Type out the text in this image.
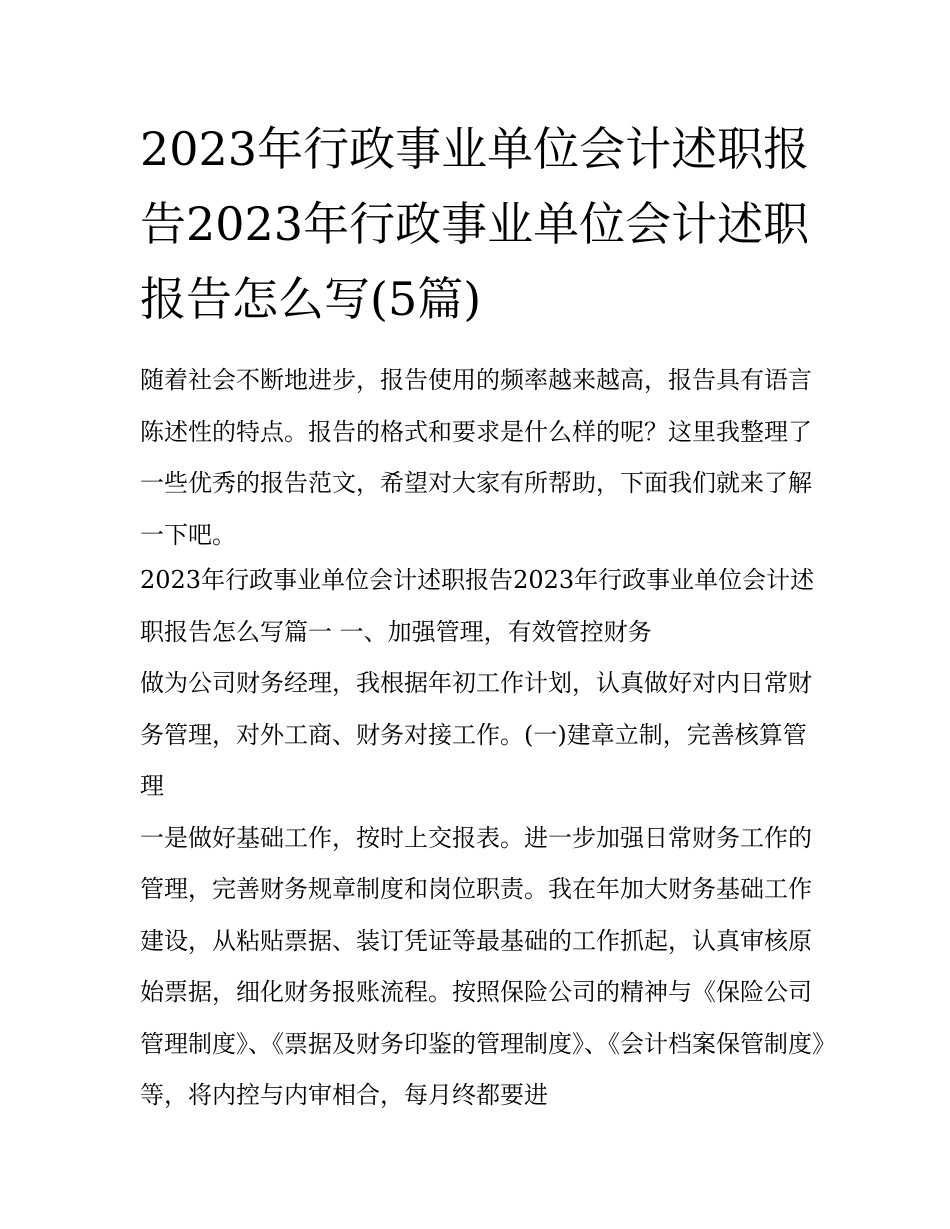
2023年行政事业单位会计述职报告2023年行政事业单位会计述职报告怎么写(5篇)

随着社会不断地进步，报告使用的频率越来越高，报告具有语言陈述性的特点。报告的格式和要求是什么样的呢？这里我整理了一些优秀的报告范文，希望对大家有所帮助，下面我们就来了解一下吧。

2023年行政事业单位会计述职报告2023年行政事业单位会计述职报告怎么写篇一 一、加强管理，有效管控财务

做为公司财务经理，我根据年初工作计划，认真做好对内日常财务管理，对外工商、财务对接工作。(一)建章立制，完善核算管理

一是做好基础工作，按时上交报表。进一步加强日常财务工作的管理，完善财务规章制度和岗位职责。我在年加大财务基础工作建设，从粘贴票据、装订凭证等最基础的工作抓起，认真审核原始票据，细化财务报账流程。按照保险公司的精神与《保险公司管理制度》、《票据及财务印鉴的管理制度》、《会计档案保管制度》等，将内控与内审相合，每月终都要进
